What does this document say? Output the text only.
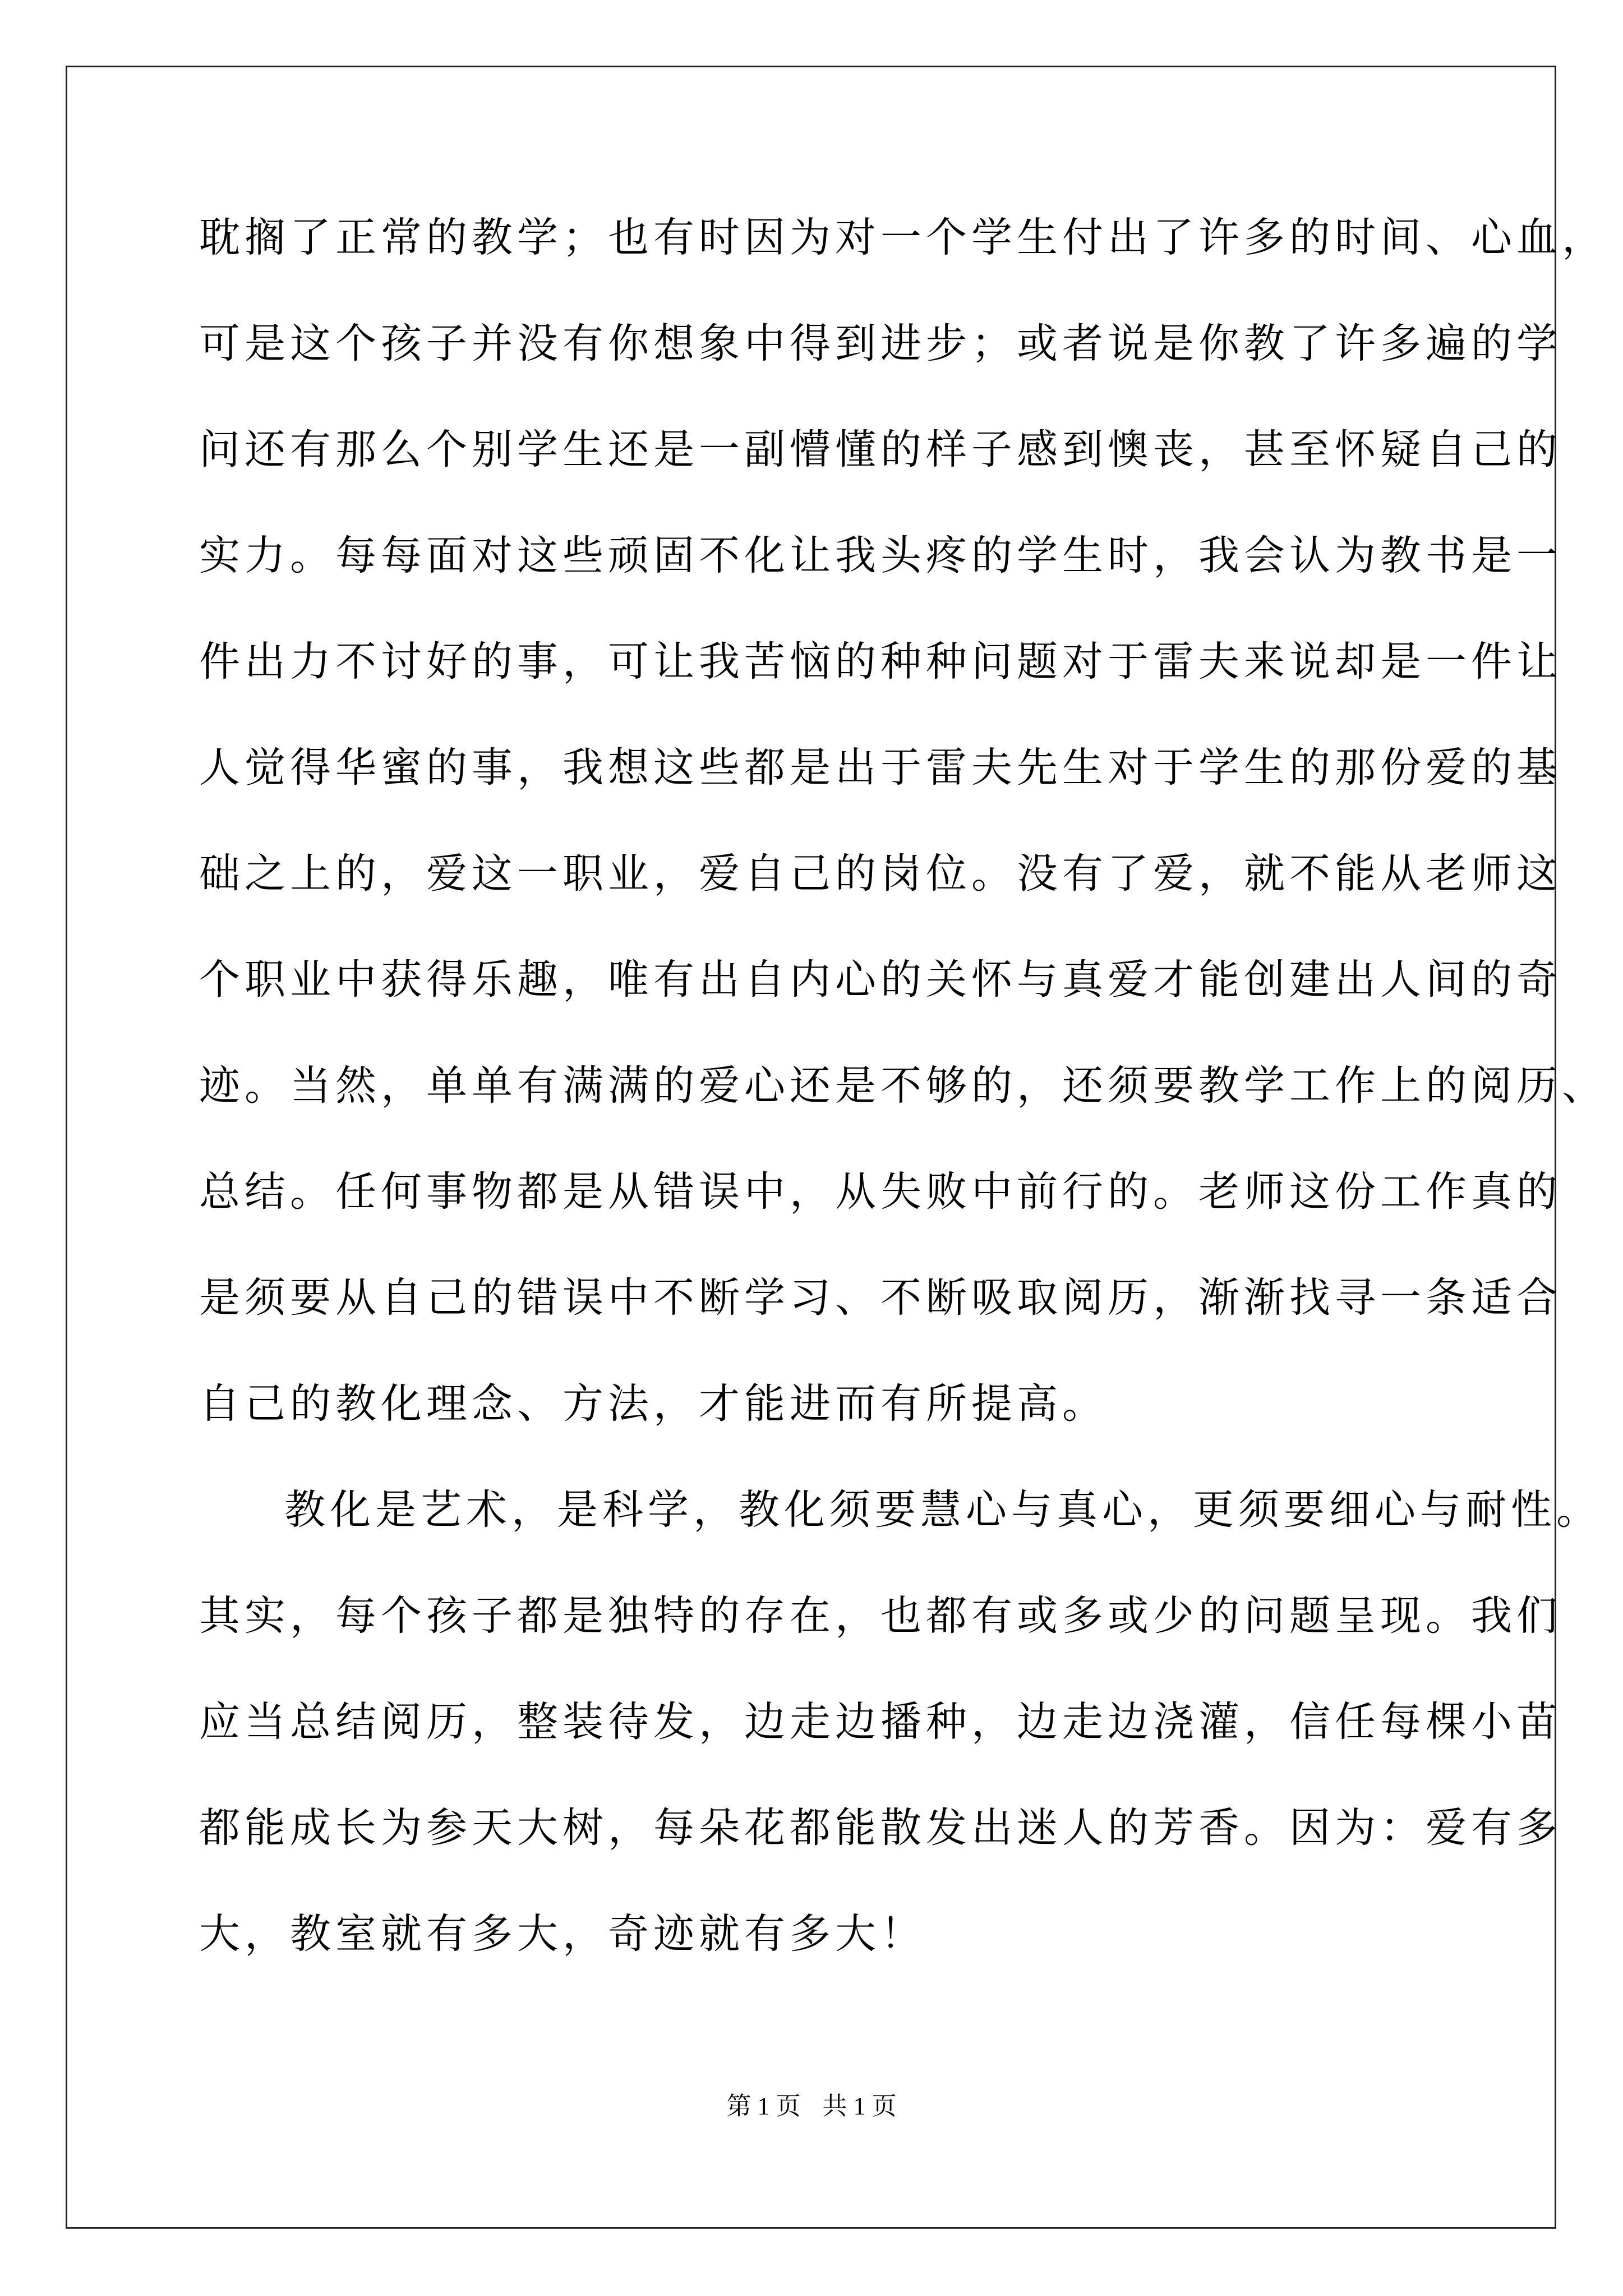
耽搁了正常的教学；也有时因为对一个学生付出了许多的时间、心血，
可是这个孩子并没有你想象中得到进步；或者说是你教了许多遍的学
问还有那么个别学生还是一副懵懂的样子感到懊丧，甚至怀疑自己的
实力。每每面对这些顽固不化让我头疼的学生时，我会认为教书是一
件出力不讨好的事，可让我苦恼的种种问题对于雷夫来说却是一件让
人觉得华蜜的事，我想这些都是出于雷夫先生对于学生的那份爱的基
础之上的，爱这一职业，爱自己的岗位。没有了爱，就不能从老师这
个职业中获得乐趣，唯有出自内心的关怀与真爱才能创建出人间的奇
迹。当然，单单有满满的爱心还是不够的，还须要教学工作上的阅历、
总结。任何事物都是从错误中，从失败中前行的。老师这份工作真的
是须要从自己的错误中不断学习、不断吸取阅历，渐渐找寻一条适合
自己的教化理念、方法，才能进而有所提高。
教化是艺术，是科学，教化须要慧心与真心，更须要细心与耐性。
其实，每个孩子都是独特的存在，也都有或多或少的问题呈现。我们
应当总结阅历，整装待发，边走边播种，边走边浇灌，信任每棵小苗
都能成长为参天大树，每朵花都能散发出迷人的芳香。因为：爱有多
大，教室就有多大，奇迹就有多大！
第 1 页 共 1 页
